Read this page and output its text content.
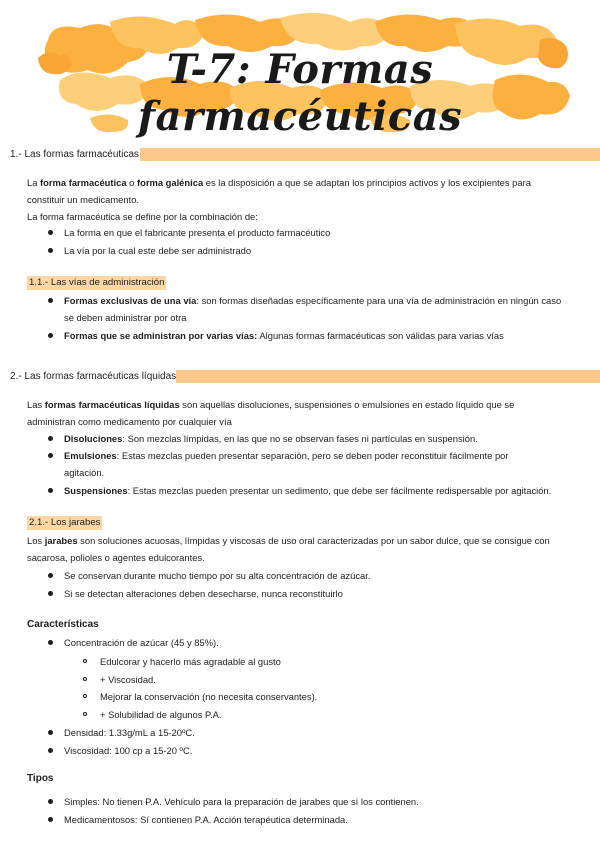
T-7: Formas farmacéuticas
1.- Las formas farmacéuticas
La forma farmacéutica o forma galénica es la disposición a que se adaptan los principios activos y los excipientes para
constituir un medicamento.
La forma farmacéutica se define por la combinación de:
La forma en que el fabricante presenta el producto farmacéutico
La vía por la cual este debe ser administrado
1.1.- Las vías de administración
Formas exclusivas de una vía: son formas diseñadas específicamente para una vía de administración en ningún caso
se deben administrar por otra
Formas que se administran por varias vías: Algunas formas farmacéuticas son válidas para varias vías
2.- Las formas farmacéuticas líquidas
Las formas farmacéuticas líquidas son aquellas disoluciones, suspensiones o emulsiones en estado líquido que se
administran como medicamento por cualquier vía
Disoluciones: Son mezclas límpidas, en las que no se observan fases ni partículas en suspensión.
Emulsiones: Estas mezclas pueden presentar separación, pero se deben poder reconstituir fácilmente por
agitación.
Suspensiones: Estas mezclas pueden presentar un sedimento, que debe ser fácilmente redispersable por agitación.
2.1.- Los jarabes
Los jarabes son soluciones acuosas, límpidas y viscosas de uso oral caracterizadas por un sabor dulce, que se consigue con
sacarosa, polioles o agentes edulcorantes.
Se conservan durante mucho tiempo por su alta concentración de azúcar.
Si se detectan alteraciones deben desecharse, nunca reconstituirlo
Características
Concentración de azúcar (45 y 85%).
Edulcorar y hacerlo más agradable al gusto
+ Viscosidad.
Mejorar la conservación (no necesita conservantes).
+ Solubilidad de algunos P.A.
Densidad: 1.33g/mL a 15-20ºC.
Viscosidad: 100 cp a 15-20 ºC.
Tipos
Simples: No tienen P.A. Vehículo para la preparación de jarabes que sí los contienen.
Medicamentosos: Sí contienen P.A. Acción terapéutica determinada.
